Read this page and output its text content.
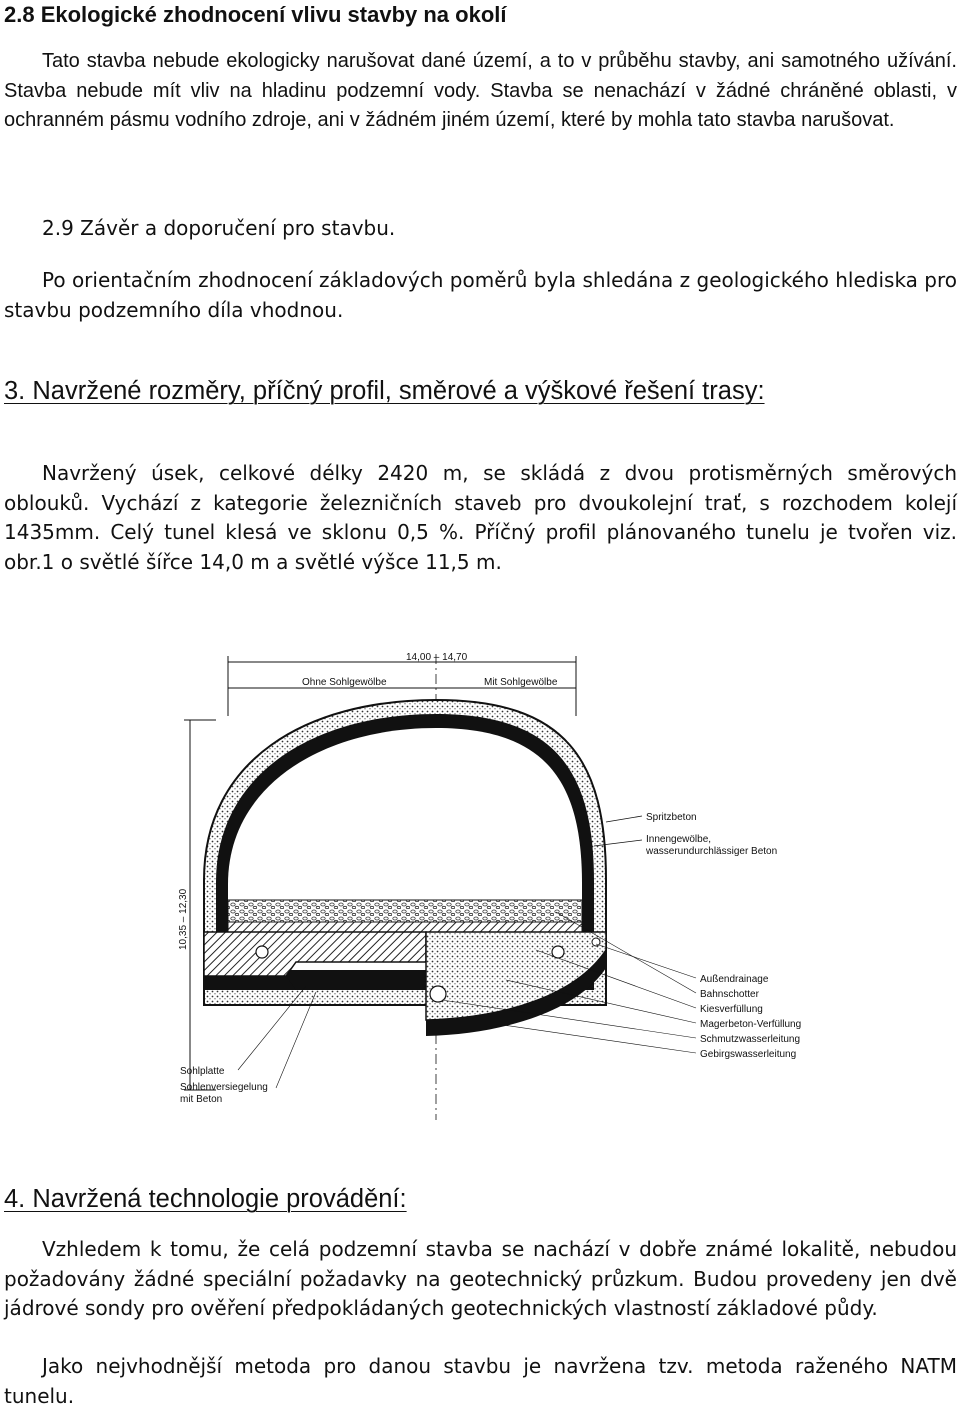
2.8 Ekologické zhodnocení vlivu stavby na okolí

Tato stavba nebude ekologicky narušovat dané území, a to v průběhu stavby, ani samotného užívání. Stavba nebude mít vliv na hladinu podzemní vody. Stavba se nenachází v žádné chráněné oblasti, v ochranném pásmu vodního zdroje, ani v žádném jiném území, které by mohla tato stavba narušovat.

2.9 Závěr a doporučení pro stavbu.

Po orientačním zhodnocení základových poměrů byla shledána z geologického hlediska pro stavbu podzemního díla vhodnou.

3. Navržené rozměry, příčný profil, směrové a výškové řešení trasy:

Navržený úsek, celkové délky 2420 m, se skládá z dvou protisměrných směrových oblouků. Vychází z kategorie železničních staveb pro dvoukolejní trať, s rozchodem kolejí 1435mm. Celý tunel klesá ve sklonu 0,5 %. Příčný profil plánovaného tunelu je tvořen viz. obr.1 o světlé šířce 14,0 m a světlé výšce 11,5 m.

14,00 – 14,70
Ohne Sohlgewölbe	Mit Sohlgewölbe
10,35 – 12,30
Spritzbeton
Innengewölbe,
wasserundurchlässiger Beton
Außendrainage
Bahnschotter
Kiesverfüllung
Magerbeton-Verfüllung
Schmutzwasserleitung
Gebirgswasserleitung
Sohlplatte
Sohlenversiegelung
mit Beton
4. Navržená technologie provádění:

Vzhledem k tomu, že celá podzemní stavba se nachází v dobře známé lokalitě, nebudou požadovány žádné speciální požadavky na geotechnický průzkum. Budou provedeny jen dvě jádrové sondy pro ověření předpokládaných geotechnických vlastností základové půdy.

Jako nejvhodnější metoda pro danou stavbu je navržena tzv. metoda raženého NATM tunelu.
